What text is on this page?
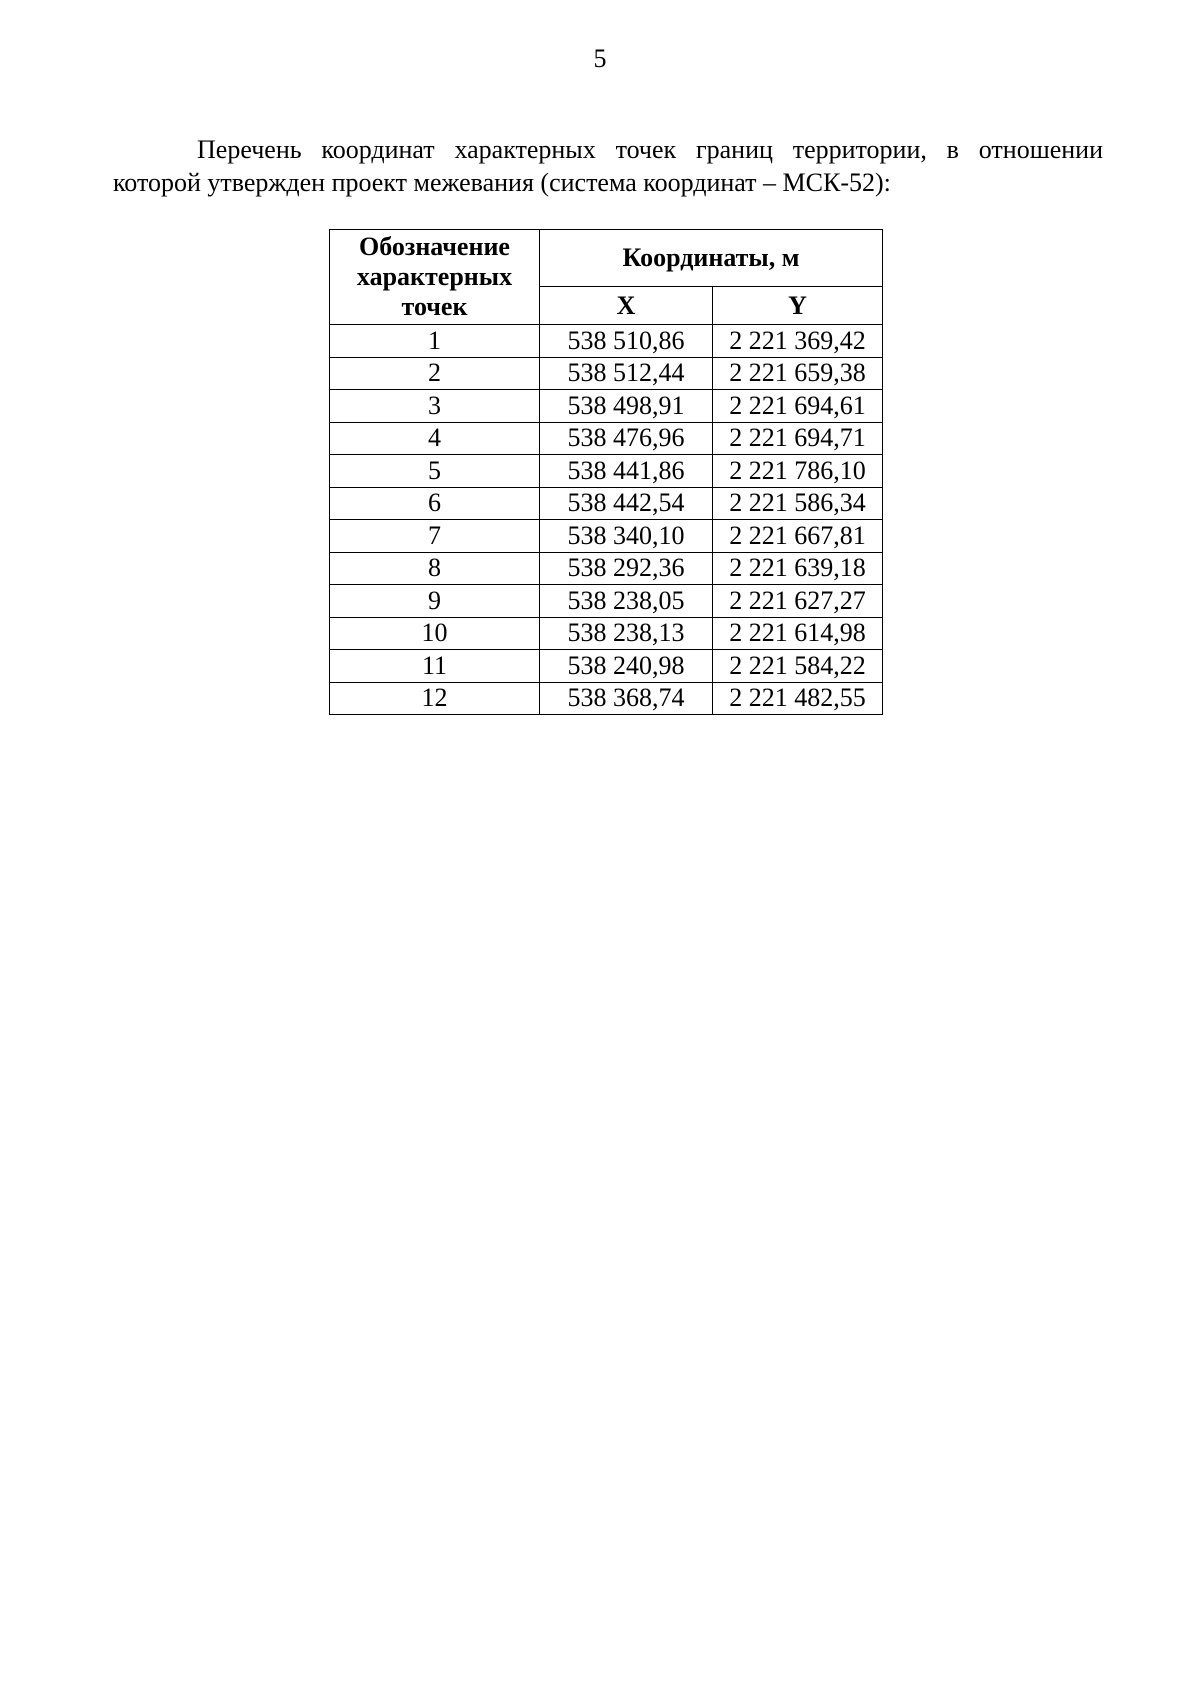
5

Перечень координат характерных точек границ территории, в отношении которой утвержден проект межевания (система координат – МСК-52):

Обозначение характерных точек	Координаты, м	
	X	Y
1	538 510,86	2 221 369,42
2	538 512,44	2 221 659,38
3	538 498,91	2 221 694,61
4	538 476,96	2 221 694,71
5	538 441,86	2 221 786,10
6	538 442,54	2 221 586,34
7	538 340,10	2 221 667,81
8	538 292,36	2 221 639,18
9	538 238,05	2 221 627,27
10	538 238,13	2 221 614,98
11	538 240,98	2 221 584,22
12	538 368,74	2 221 482,55
